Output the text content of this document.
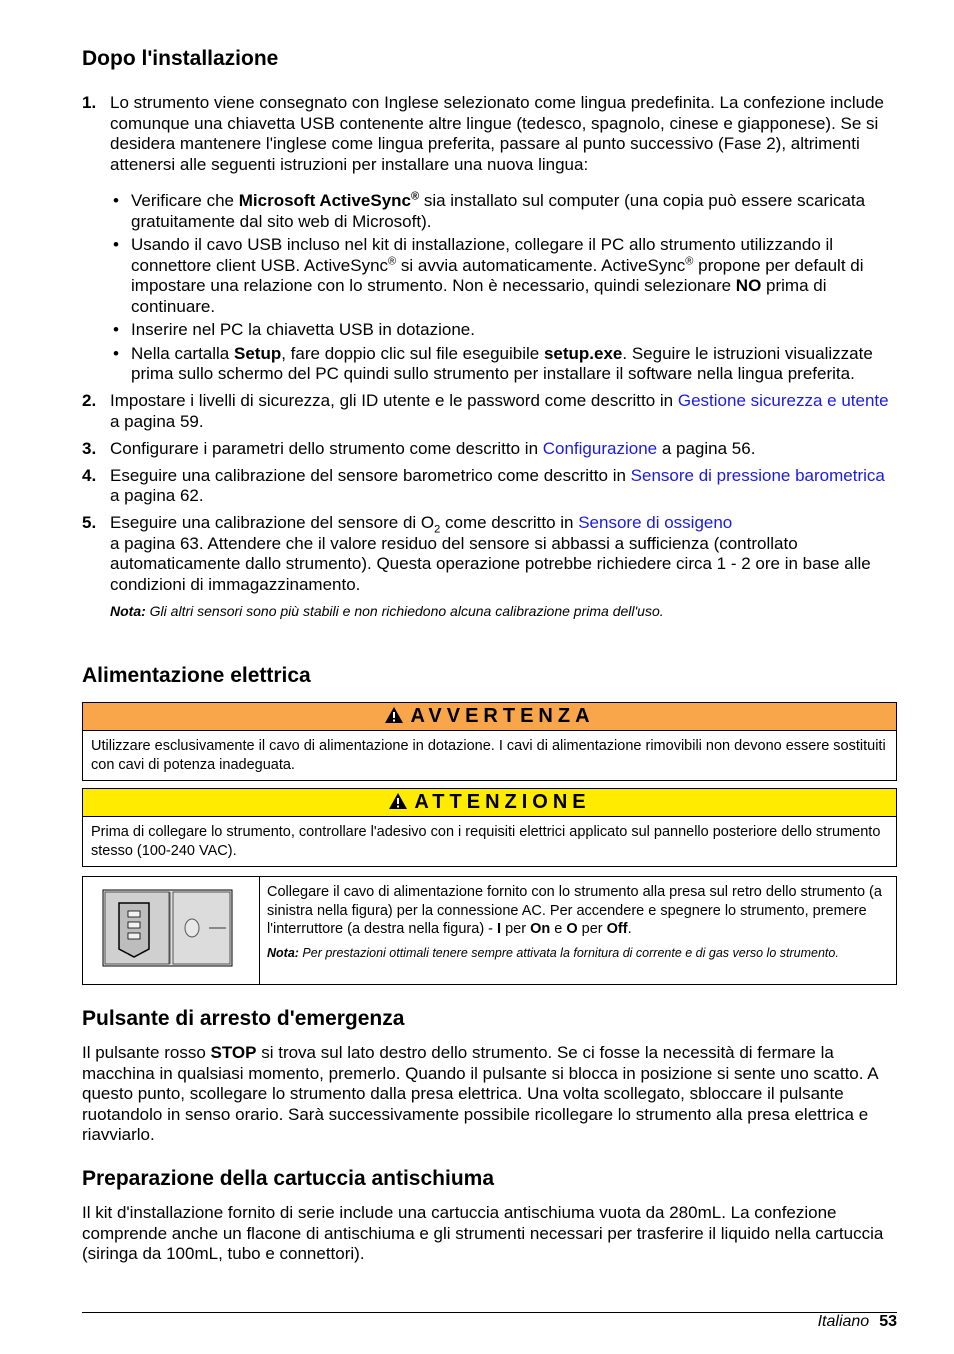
Dopo l'installazione
1. Lo strumento viene consegnato con Inglese selezionato come lingua predefinita. La confezione include comunque una chiavetta USB contenente altre lingue (tedesco, spagnolo, cinese e giapponese). Se si desidera mantenere l'inglese come lingua preferita, passare al punto successivo (Fase 2), altrimenti attenersi alle seguenti istruzioni per installare una nuova lingua:
• Verificare che Microsoft ActiveSync® sia installato sul computer (una copia può essere scaricata gratuitamente dal sito web di Microsoft).
• Usando il cavo USB incluso nel kit di installazione, collegare il PC allo strumento utilizzando il connettore client USB. ActiveSync® si avvia automaticamente. ActiveSync® propone per default di impostare una relazione con lo strumento. Non è necessario, quindi selezionare NO prima di continuare.
• Inserire nel PC la chiavetta USB in dotazione.
• Nella cartalla Setup, fare doppio clic sul file eseguibile setup.exe. Seguire le istruzioni visualizzate prima sullo schermo del PC quindi sullo strumento per installare il software nella lingua preferita.
2. Impostare i livelli di sicurezza, gli ID utente e le password come descritto in Gestione sicurezza e utente a pagina 59.
3. Configurare i parametri dello strumento come descritto in Configurazione a pagina 56.
4. Eseguire una calibrazione del sensore barometrico come descritto in Sensore di pressione barometrica a pagina 62.
5. Eseguire una calibrazione del sensore di $O_2$ come descritto in Sensore di ossigeno
a pagina 63. Attendere che il valore residuo del sensore si abbassi a sufficienza (controllato automaticamente dallo strumento). Questa operazione potrebbe richiedere circa 1 - 2 ore in base alle condizioni di immagazzinamento.
Nota: Gli altri sensori sono più stabili e non richiedono alcuna calibrazione prima dell'uso.
Alimentazione elettrica
AVVERTENZA
Utilizzare esclusivamente il cavo di alimentazione in dotazione. I cavi di alimentazione rimovibili non devono essere sostituiti con cavi di potenza inadeguata.
ATTENZIONE
Prima di collegare lo strumento, controllare l'adesivo con i requisiti elettrici applicato sul pannello posteriore dello strumento stesso (100-240 VAC).
Collegare il cavo di alimentazione fornito con lo strumento alla presa sul retro dello strumento (a sinistra nella figura) per la connessione AC. Per accendere e spegnere lo strumento, premere l'interruttore (a destra nella figura) - I per On e O per Off.
Nota: Per prestazioni ottimali tenere sempre attivata la fornitura di corrente e di gas verso lo strumento.
Pulsante di arresto d'emergenza
Il pulsante rosso STOP si trova sul lato destro dello strumento. Se ci fosse la necessità di fermare la macchina in qualsiasi momento, premerlo. Quando il pulsante si blocca in posizione si sente uno scatto. A questo punto, scollegare lo strumento dalla presa elettrica. Una volta scollegato, sbloccare il pulsante ruotandolo in senso orario. Sarà successivamente possibile ricollegare lo strumento alla presa elettrica e riavviarlo.
Preparazione della cartuccia antischiuma
Il kit d'installazione fornito di serie include una cartuccia antischiuma vuota da 280mL. La confezione comprende anche un flacone di antischiuma e gli strumenti necessari per trasferire il liquido nella cartuccia (siringa da 100mL, tubo e connettori).
Italiano 53
